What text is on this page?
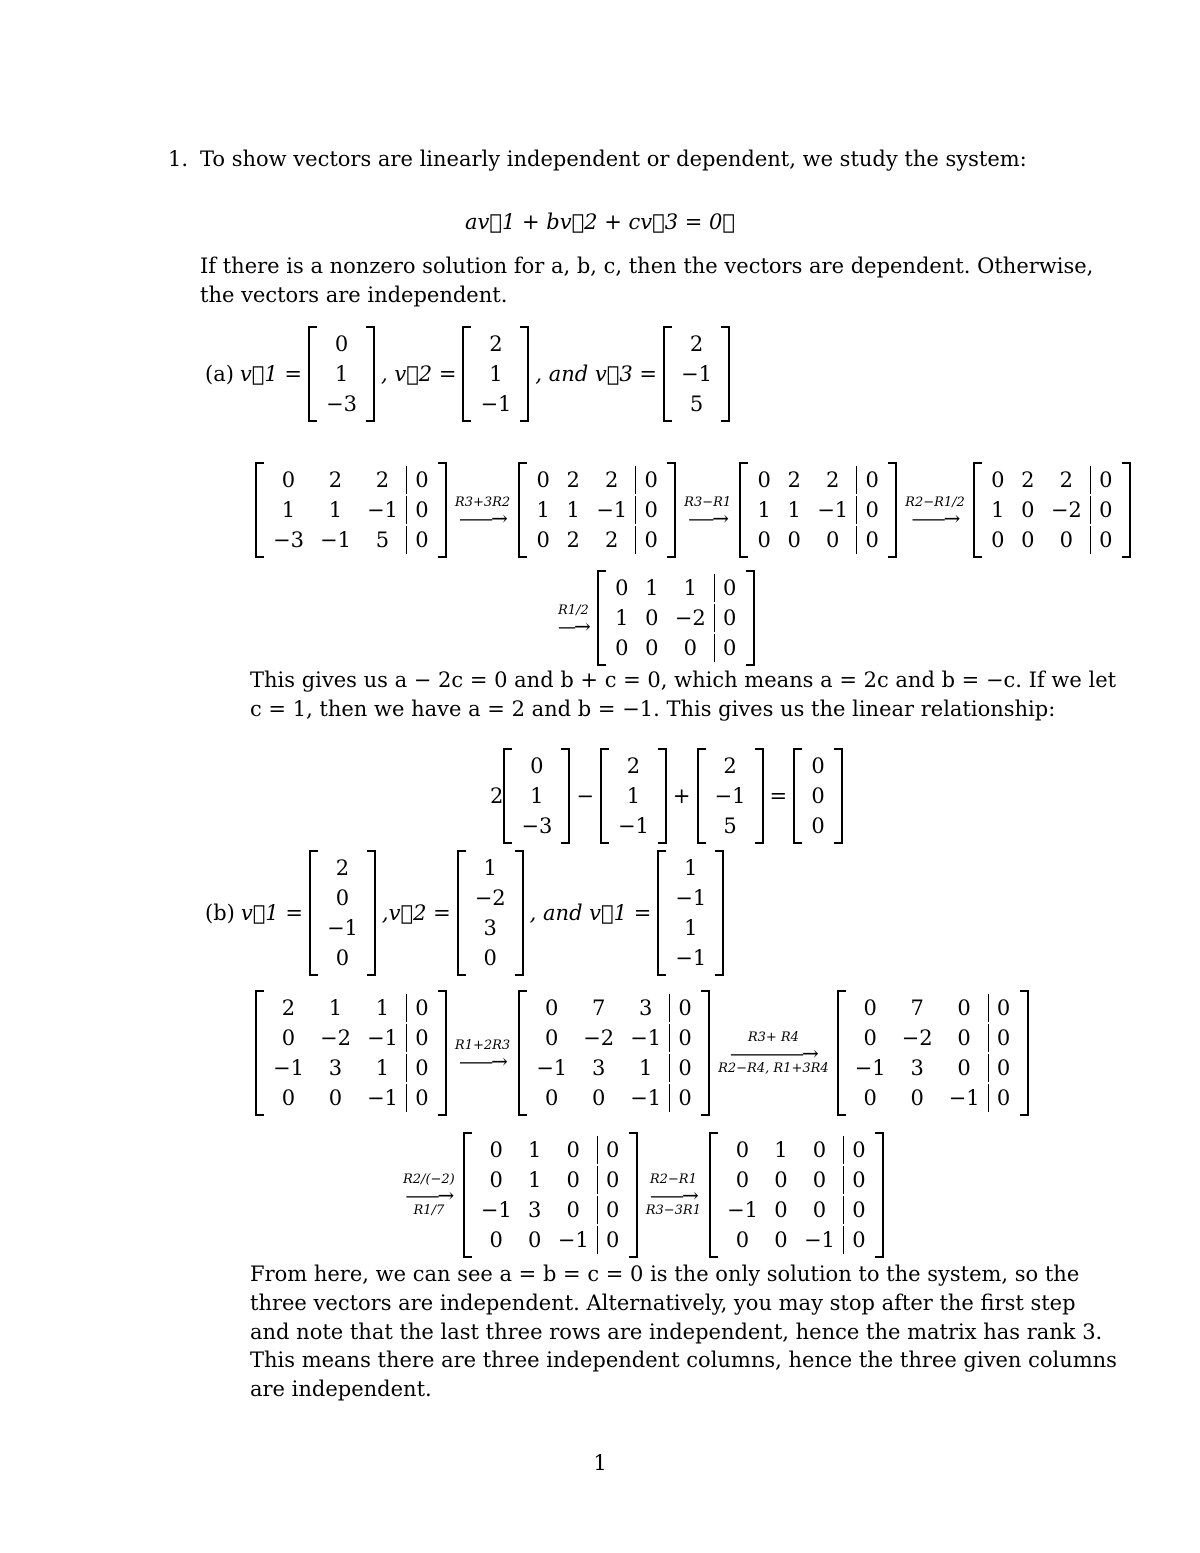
1. To show vectors are linearly independent or dependent, we study the system:
av⃗1 + bv⃗2 + cv⃗3 = 0⃗
If there is a nonzero solution for a, b, c, then the vectors are dependent. Otherwise,
the vectors are independent.
(a) v⃗1 =
0
1
−3
, v⃗2 =
2
1
−1
, and v⃗3 =
2
−1
5
0	2	2	0
1	1	−1 0
−3 −1	5	0
R3+3R2
––––→
0 2	2	0
1 1 −1 0
0 2	2	0
R3−R1
–––→
0 2	2	0
1 1 −1 0
0 0	0	0
R2−R1/2
––––→
0 2	2	0
1 0 −2 0
0 0	0	0
R1/2
––→
0 1	1	0
1 0 −2 0
0 0	0	0
This gives us a − 2c = 0 and b + c = 0, which means a = 2c and b = −c. If we let
c = 1, then we have a = 2 and b = −1. This gives us the linear relationship:
2
0
1
−3
−
2
1
−1
+
2
−1
5
=
0
0
0
(b) v⃗1 =
2
0
−1
0
,v⃗2 =
1
−2
3
0
, and v⃗1 =
1
−1
1
−1
2	1	1	0
0	−2 −1 0
−1	3	1	0
0	0	−1 0
R1+2R3
––––→
0	7	3	0
0	−2 −1 0
−1	3	1	0
0	0	−1 0
R3+ R4
–––––––––→
R2−R4, R1+3R4
0	7	0	0
0	−2	0	0
−1	3	0	0
0	0	−1 0
R2/(−2)
––––→
R1/7
0	1	0	0
0	1	0	0
−1 3	0	0
0	0 −1 0
R2−R1
––––→
R3−3R1
0	1	0	0
0	0	0	0
−1 0	0	0
0	0 −1 0
From here, we can see a = b = c = 0 is the only solution to the system, so the
three vectors are independent. Alternatively, you may stop after the first step
and note that the last three rows are independent, hence the matrix has rank 3.
This means there are three independent columns, hence the three given columns
are independent.
1
